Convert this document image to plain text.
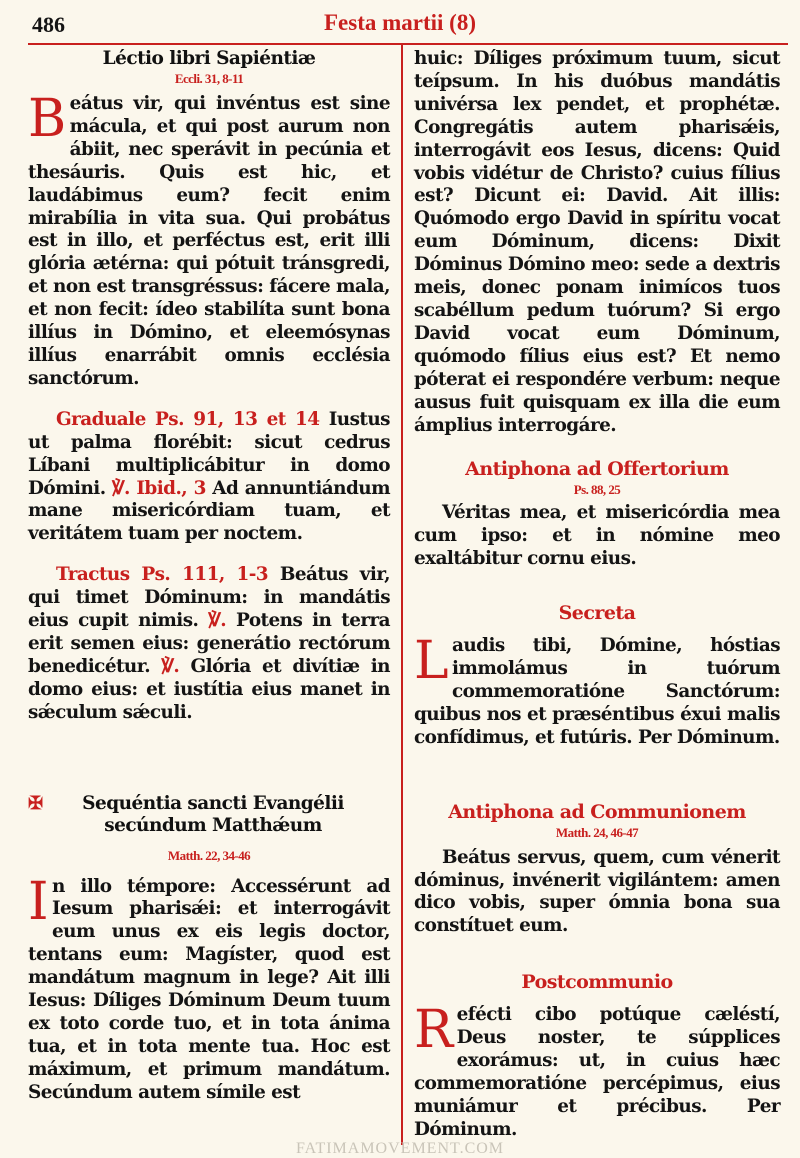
486	Festa martii (8)
Léctio libri Sapiéntiæ
Eccli. 31, 8-11

Beátus vir, qui invéntus est sine mácula, et qui post aurum non ábiit, nec sperávit in pecúnia et thesáuris. Quis est hic, et laudábimus eum? fecit enim mirabília in vita sua. Qui probátus est in illo, et perféctus est, erit illi glória ætérna: qui pótuit tránsgredi, et non est transgréssus: fácere mala, et non fecit: ídeo stabilíta sunt bona illíus in Dómino, et eleemósynas illíus enarrábit omnis ecclésia sanctórum.

Graduale Ps. 91, 13 et 14 Iustus ut palma florébit: sicut cedrus Líbani multiplicábitur in domo Dómini. ℣. Ibid., 3 Ad annuntiándum mane misericórdiam tuam, et veritátem tuam per noctem.

Tractus Ps. 111, 1-3 Beátus vir, qui timet Dóminum: in mandátis eius cupit nimis. ℣. Potens in terra erit semen eius: generátio rectórum benedicétur. ℣. Glória et divítiæ in domo eius: et iustítia eius manet in sǽculum sǽculi.

✠ Sequéntia sancti Evangélii secúndum Matthǽum
Matth. 22, 34-46

In illo témpore: Accessérunt ad Iesum pharisǽi: et interrogávit eum unus ex eis legis doctor, tentans eum: Magíster, quod est mandátum magnum in lege? Ait illi Iesus: Díliges Dóminum Deum tuum ex toto corde tuo, et in tota ánima tua, et in tota mente tua. Hoc est máximum, et primum mandátum. Secúndum autem símile est

huic: Díliges próximum tuum, sicut teípsum. In his duóbus mandátis univérsa lex pendet, et prophétæ. Congregátis autem pharisǽis, interrogávit eos Iesus, dicens: Quid vobis vidétur de Christo? cuius fílius est? Dicunt ei: David. Ait illis: Quómodo ergo David in spíritu vocat eum Dóminum, dicens: Dixit Dóminus Dómino meo: sede a dextris meis, donec ponam inimícos tuos scabéllum pedum tuórum? Si ergo David vocat eum Dóminum, quómodo fílius eius est? Et nemo póterat ei respondére verbum: neque ausus fuit quisquam ex illa die eum ámplius interrogáre.

Antiphona ad Offertorium
Ps. 88, 25

Véritas mea, et misericórdia mea cum ipso: et in nómine meo exaltábitur cornu eius.

Secreta

Laudis tibi, Dómine, hóstias immolámus in tuórum commemoratióne Sanctórum: quibus nos et præséntibus éxui malis confídimus, et futúris. Per Dóminum.

Antiphona ad Communionem
Matth. 24, 46-47

Beátus servus, quem, cum vénerit dóminus, invénerit vigilántem: amen dico vobis, super ómnia bona sua constítuet eum.

Postcommunio

Refécti cibo potúque cæléstí, Deus noster, te súpplices exorámus: ut, in cuius hæc commemoratióne percépimus, eius muniámur et précibus. Per Dóminum.

FATIMAMOVEMENT.COM
